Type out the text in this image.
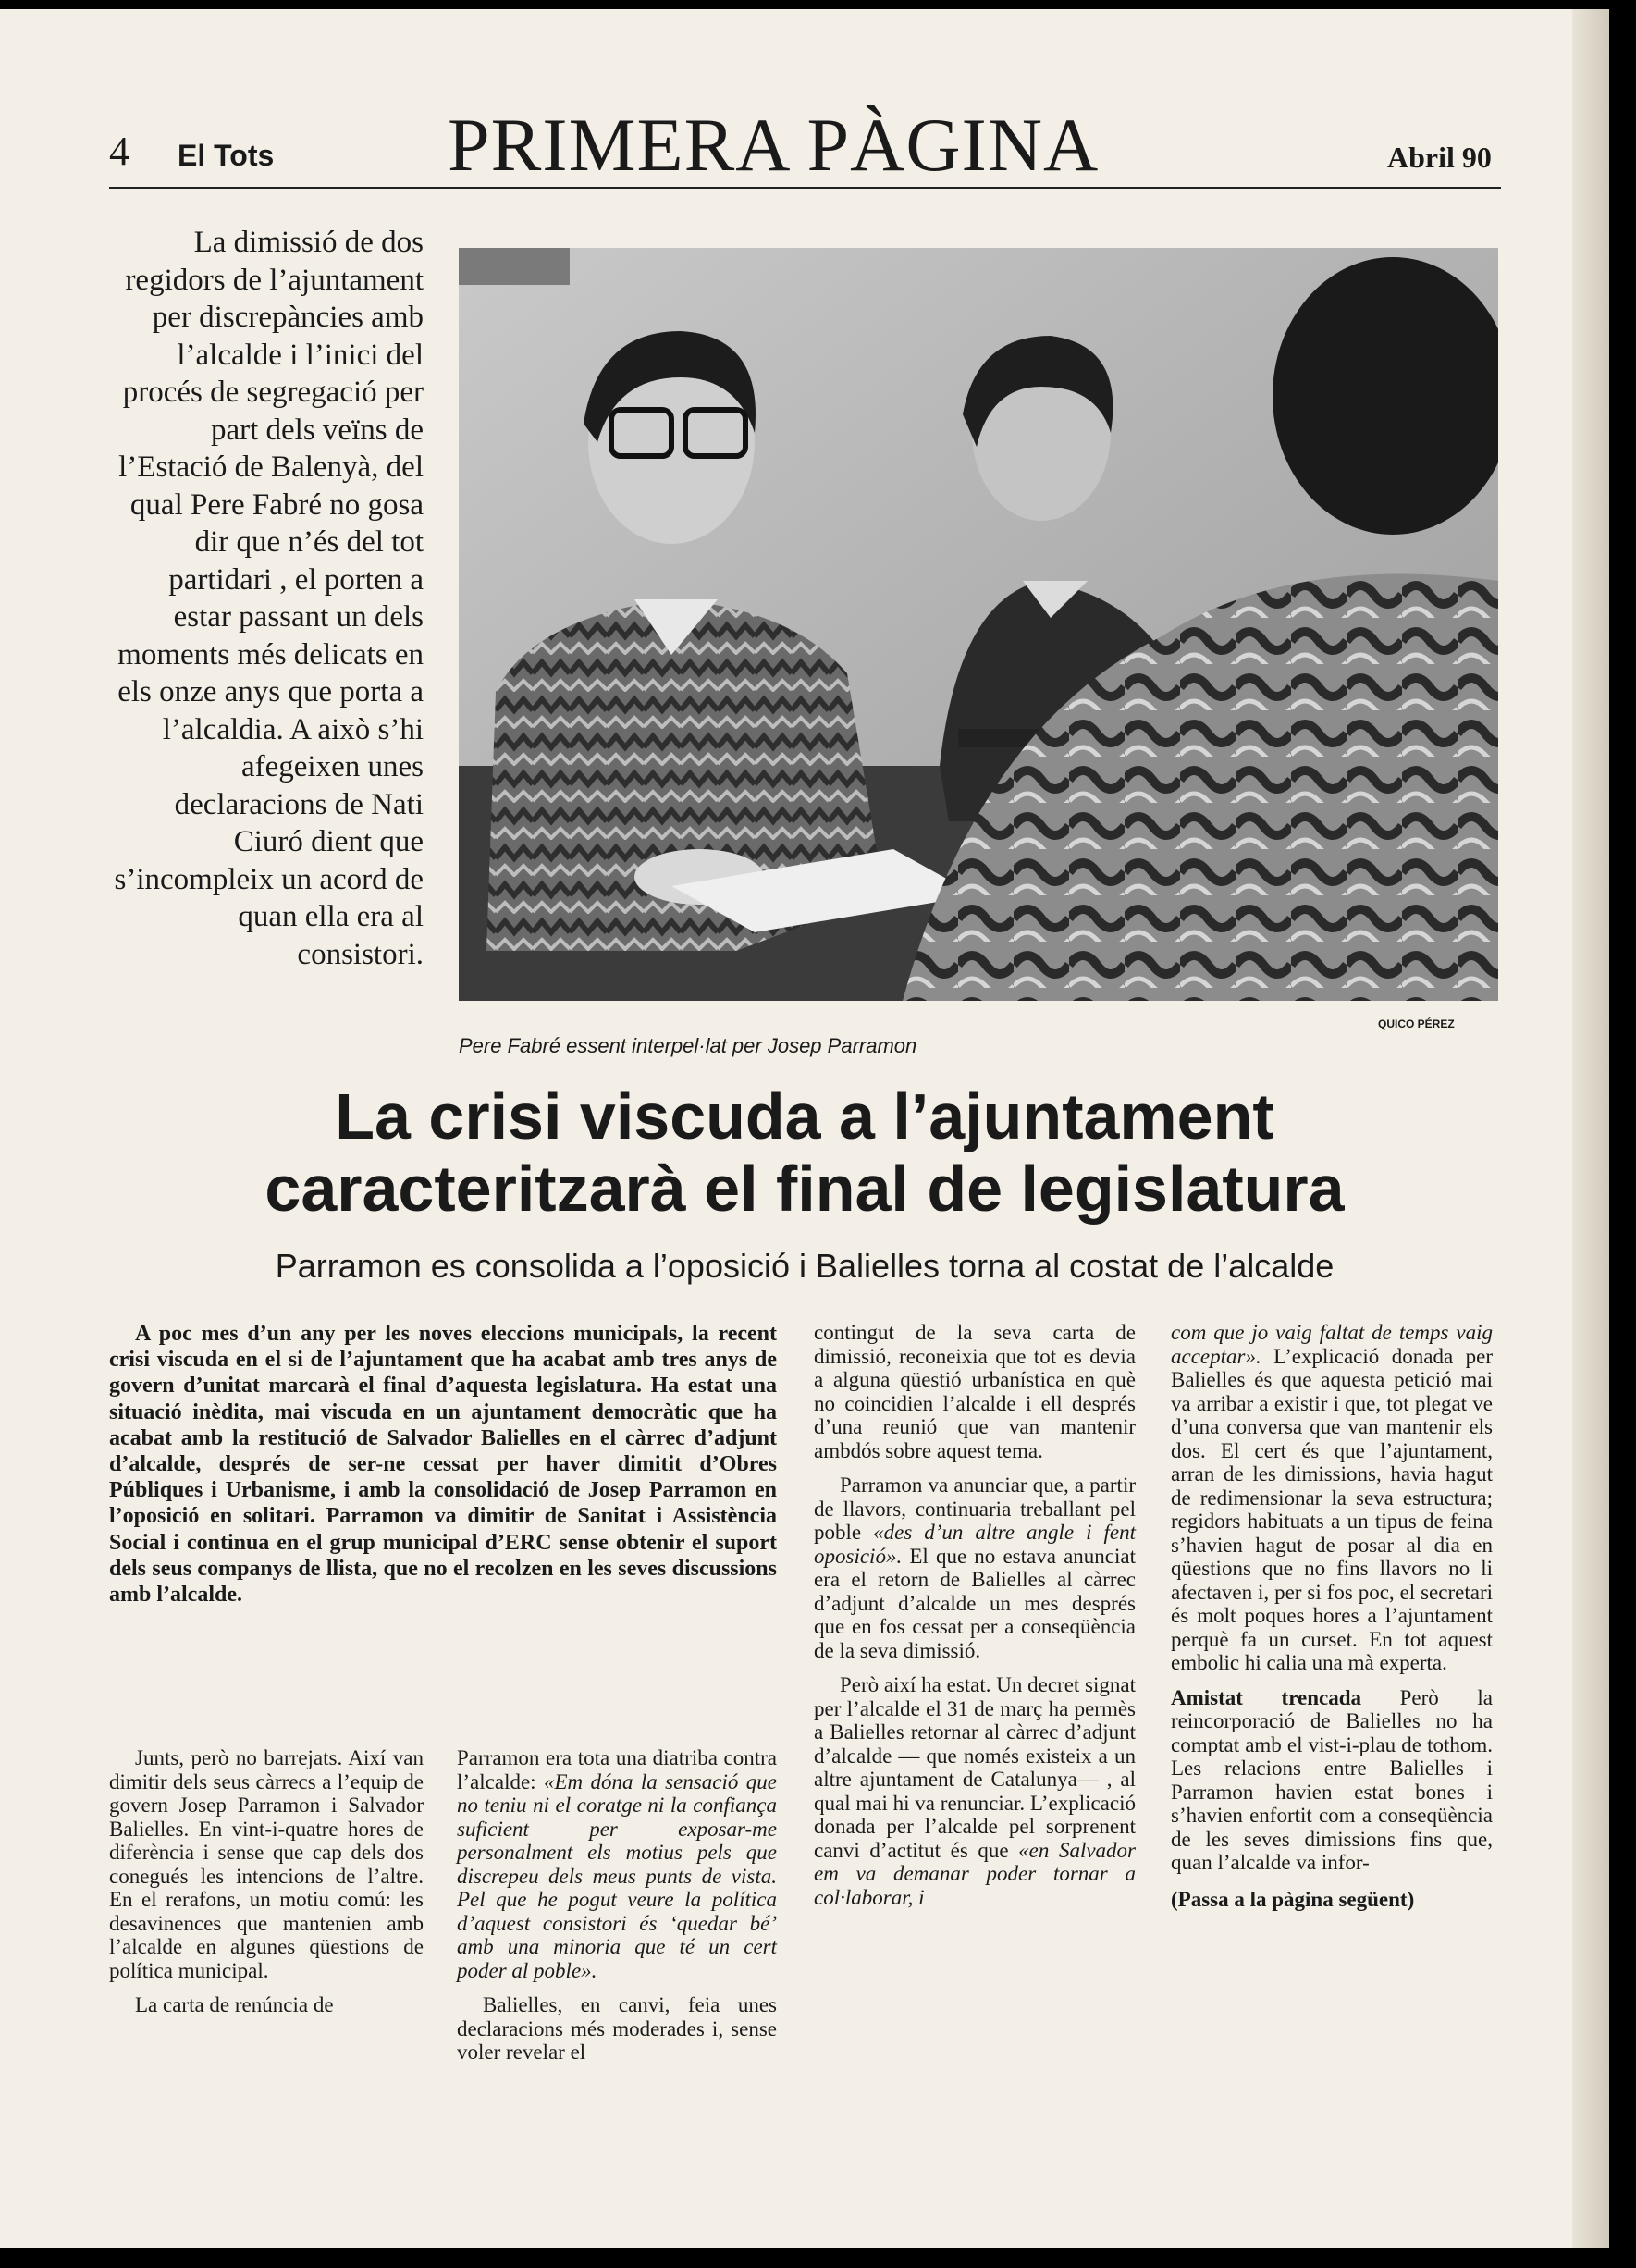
4 El Tots PRIMERA PÀGINA	Abril 90
La dimissió de dos regidors de l’ajuntament per discrepàncies amb l’alcalde i l’inici del procés de segregació per part dels veïns de l’Estació de Balenyà, del qual Pere Fabré no gosa dir que n’és del tot partidari , el porten a estar passant un dels moments més delicats en els onze anys que porta a l’alcaldia. A això s’hi afegeixen unes declaracions de Nati Ciuró dient que s’incompleix un acord de quan ella era al consistori.
QUICO PÉREZ
Pere Fabré essent interpel·lat per Josep Parramon
La crisi viscuda a l’ajuntament
caracteritzarà el final de legislatura
Parramon es consolida a l’oposició i Balielles torna al costat de l’alcalde
A poc mes d’un any per les noves eleccions municipals, la recent crisi viscuda en el si de l’ajuntament que ha acabat amb tres anys de govern d’unitat marcarà el final d’aquesta legislatura. Ha estat una situació inèdita, mai viscuda en un ajuntament democràtic que ha acabat amb la restitució de Salvador Balielles en el càrrec d’adjunt d’alcalde, després de ser-ne cessat per haver dimitit d’Obres Públiques i Urbanisme, i amb la consolidació de Josep Parramon en l’oposició en solitari. Parramon va dimitir de Sanitat i Assistència Social i continua en el grup municipal d’ERC sense obtenir el suport dels seus companys de llista, que no el recolzen en les seves discussions amb l’alcalde.

Junts, però no barrejats. Així van dimitir dels seus càrrecs a l’equip de govern Josep Parramon i Salvador Balielles. En vint-i-quatre hores de diferència i sense que cap dels dos conegués les intencions de l’altre. En el rerafons, un motiu comú: les desavinences que mantenien amb l’alcalde en algunes qüestions de política municipal.

La carta de renúncia de

Parramon era tota una diatriba contra l’alcalde: «Em dóna la sensació que no teniu ni el coratge ni la confiança suficient per exposar-me personalment els motius pels que discrepeu dels meus punts de vista. Pel que he pogut veure la política d’aquest consistori és ‘quedar bé’ amb una minoria que té un cert poder al poble».

Balielles, en canvi, feia unes declaracions més moderades i, sense voler revelar el

contingut de la seva carta de dimissió, reconeixia que tot es devia a alguna qüestió urbanística en què no coincidien l’alcalde i ell després d’una reunió que van mantenir ambdós sobre aquest tema.

Parramon va anunciar que, a partir de llavors, continuaria treballant pel poble «des d’un altre angle i fent oposició». El que no estava anunciat era el retorn de Balielles al càrrec d’adjunt d’alcalde un mes després que en fos cessat per a conseqüència de la seva dimissió.

Però així ha estat. Un decret signat per l’alcalde el 31 de març ha permès a Balielles retornar al càrrec d’adjunt d’alcalde — que només existeix a un altre ajuntament de Catalunya— , al qual mai hi va renunciar. L’explicació donada per l’alcalde pel sorprenent canvi d’actitut és que «en Salvador em va demanar poder tornar a col·laborar, i

com que jo vaig faltat de temps vaig acceptar». L’explicació donada per Balielles és que aquesta petició mai va arribar a existir i que, tot plegat ve d’una conversa que van mantenir els dos. El cert és que l’ajuntament, arran de les dimissions, havia hagut de redimensionar la seva estructura; regidors habituats a un tipus de feina s’havien hagut de posar al dia en qüestions que no fins llavors no li afectaven i, per si fos poc, el secretari és molt poques hores a l’ajuntament perquè fa un curset. En tot aquest embolic hi calia una mà experta.

Amistat trencada Però la reincorporació de Balielles no ha comptat amb el vist-i-plau de tothom. Les relacions entre Balielles i Parramon havien estat bones i s’havien enfortit com a conseqüència de les seves dimissions fins que, quan l’alcalde va infor-

(Passa a la pàgina següent)
